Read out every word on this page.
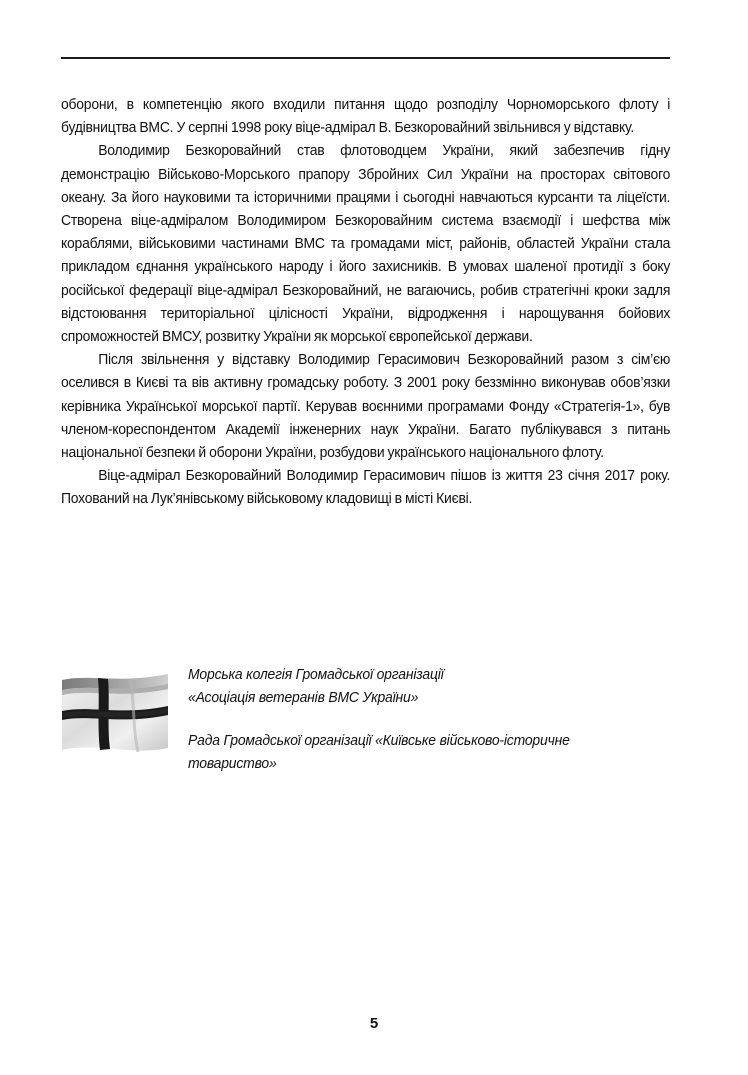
оборони, в компетенцію якого входили питання щодо розподілу Чорноморського флоту і будівництва ВМС. У серпні 1998 року віце-адмірал В. Безкоровайний звільнився у відставку.

Володимир Безкоровайний став флотоводцем України, який забезпечив гідну демонстрацію Військово-Морського прапору Збройних Сил України на просторах світового океану. За його науковими та історичними працями і сьогодні навчаються курсанти та ліцеїсти. Створена віце-адміралом Володимиром Безкоровайним система взаємодії і шефства між кораблями, військовими частинами ВМС та громадами міст, районів, областей України стала прикладом єднання українського народу і його захисників. В умовах шаленої протидії з боку російської федерації віце-адмірал Безкоровайний, не вагаючись, робив стратегічні кроки задля відстоювання територіальної цілісності України, відродження і нарощування бойових спроможностей ВМСУ, розвитку України як морської європейської держави.

Після звільнення у відставку Володимир Герасимович Безкоровайний разом з сім’єю оселився в Києві та вів активну громадську роботу. З 2001 року беззмінно виконував обов’язки керівника Української морської партії. Керував воєнними програмами Фонду «Стратегія-1», був членом-кореспондентом Академії інженерних наук України. Багато публікувався з питань національної безпеки й оборони України, розбудови українського національного флоту.

Віце-адмірал Безкоровайний Володимир Герасимович пішов із життя 23 січня 2017 року. Похований на Лук’янівському військовому кладовищі в місті Києві.

Морська колегія Громадської організації
«Асоціація ветеранів ВМС України»
Рада Громадської організації «Київське військово-історичне
товариство»
5
